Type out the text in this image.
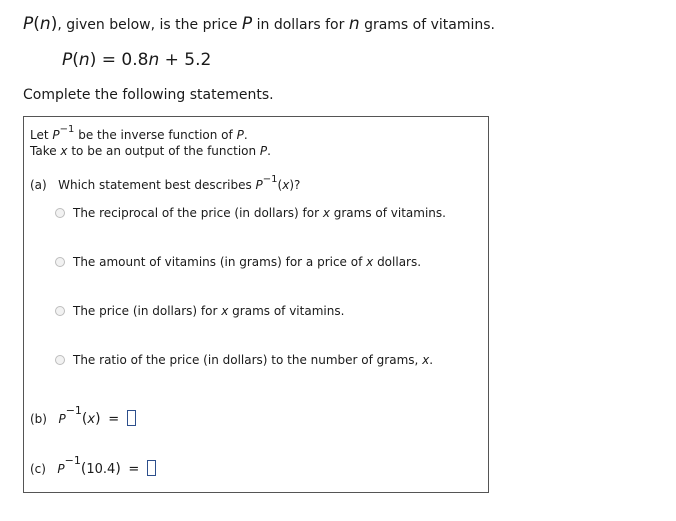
P(n), given below, is the price P in dollars for n grams of vitamins.
P(n) = 0.8n + 5.2
Complete the following statements.
Let $P^{-1}$ be the inverse function of P.
Take x to be an output of the function P.
(a) Which statement best describes $P^{-1}(x)$?
The reciprocal of the price (in dollars) for x grams of vitamins.
The amount of vitamins (in grams) for a price of x dollars.
The price (in dollars) for x grams of vitamins.
The ratio of the price (in dollars) to the number of grams, x.
(b) $P^{-1}(x)$ =
(c) $P^{-1}(10.4)$ =
